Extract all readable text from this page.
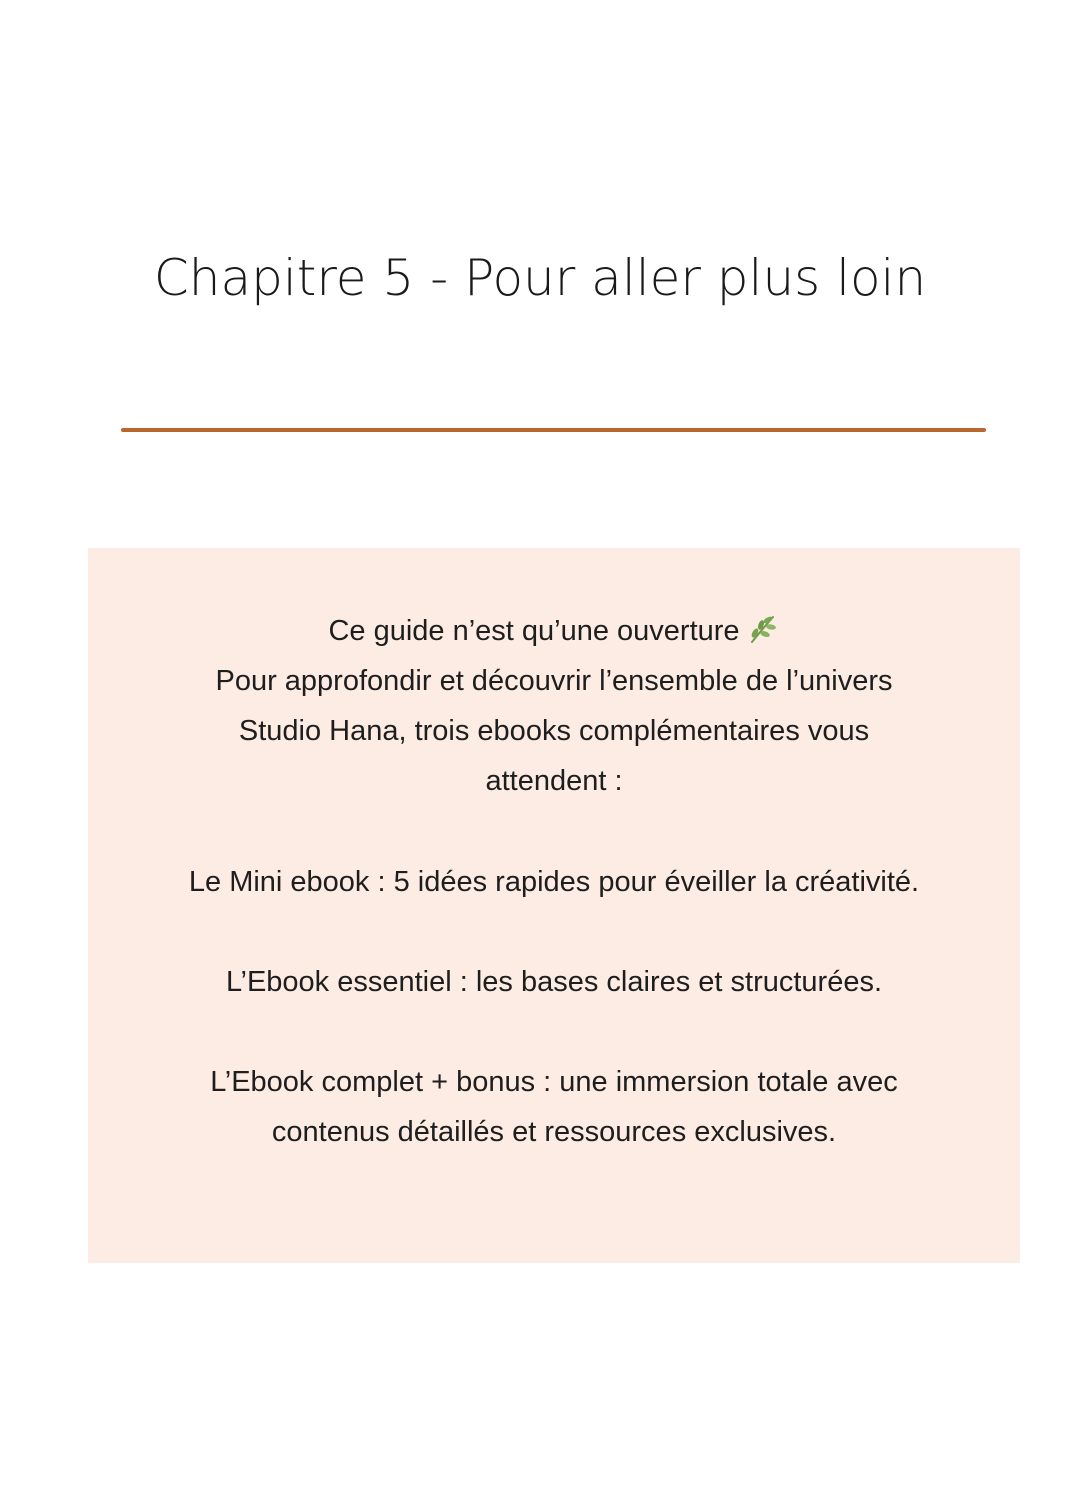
Chapitre 5 - Pour aller plus loin
Ce guide n’est qu’une ouverture
Pour approfondir et découvrir l’ensemble de l’univers
Studio Hana, trois ebooks complémentaires vous
attendent :
Le Mini ebook : 5 idées rapides pour éveiller la créativité.
L’Ebook essentiel : les bases claires et structurées.
L’Ebook complet + bonus : une immersion totale avec
contenus détaillés et ressources exclusives.
